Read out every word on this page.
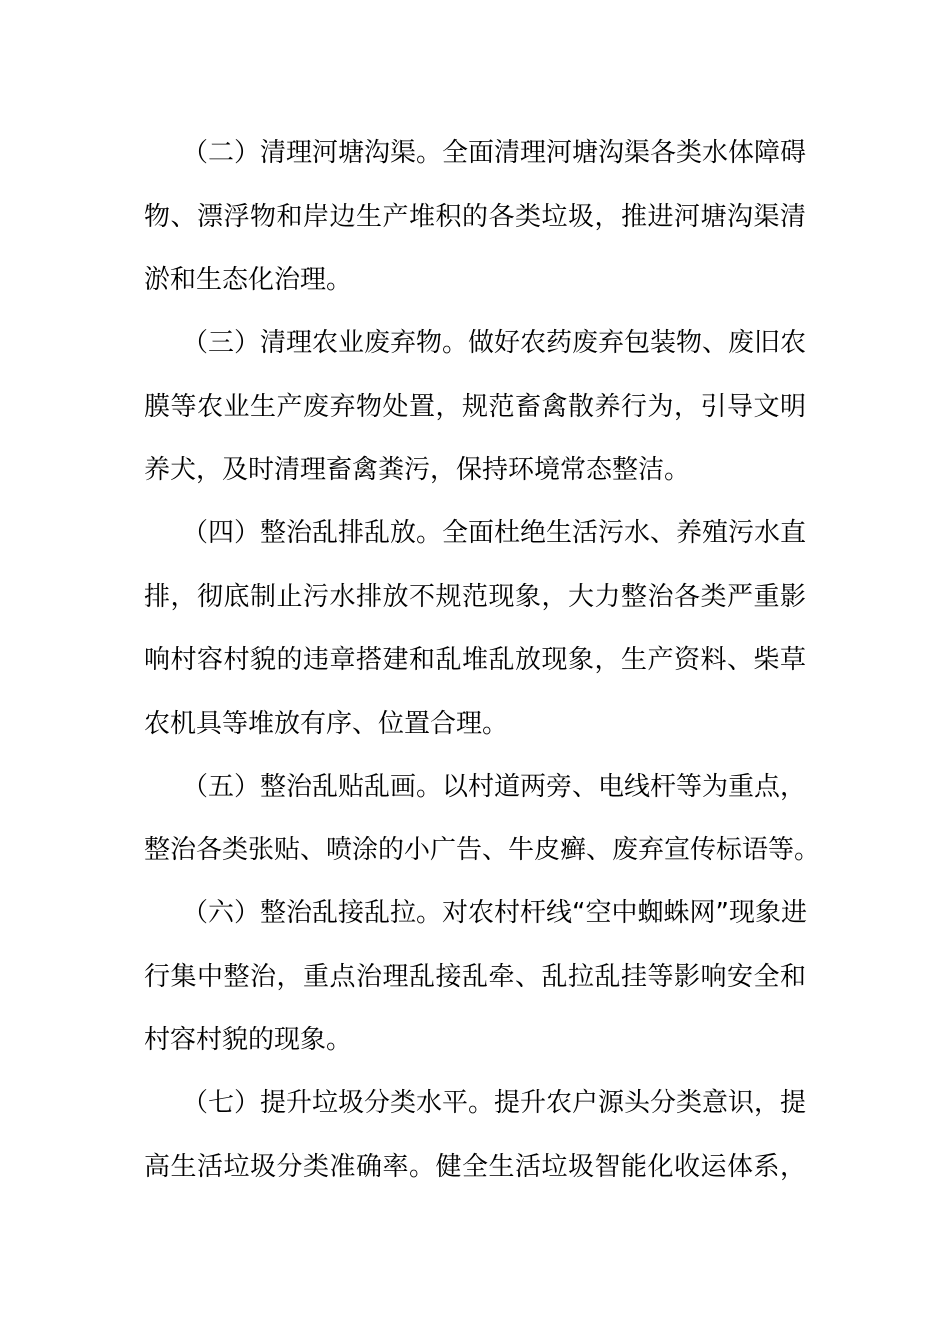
（二）清理河塘沟渠。全面清理河塘沟渠各类水体障碍
物、漂浮物和岸边生产堆积的各类垃圾，推进河塘沟渠清
淤和生态化治理。
（三）清理农业废弃物。做好农药废弃包装物、废旧农
膜等农业生产废弃物处置，规范畜禽散养行为，引导文明
养犬，及时清理畜禽粪污，保持环境常态整洁。
（四）整治乱排乱放。全面杜绝生活污水、养殖污水直
排，彻底制止污水排放不规范现象，大力整治各类严重影
响村容村貌的违章搭建和乱堆乱放现象，生产资料、柴草
农机具等堆放有序、位置合理。
（五）整治乱贴乱画。以村道两旁、电线杆等为重点，
整治各类张贴、喷涂的小广告、牛皮癣、废弃宣传标语等。
（六）整治乱接乱拉。对农村杆线“空中蜘蛛网”现象进
行集中整治，重点治理乱接乱牵、乱拉乱挂等影响安全和
村容村貌的现象。
（七）提升垃圾分类水平。提升农户源头分类意识，提
高生活垃圾分类准确率。健全生活垃圾智能化收运体系，
